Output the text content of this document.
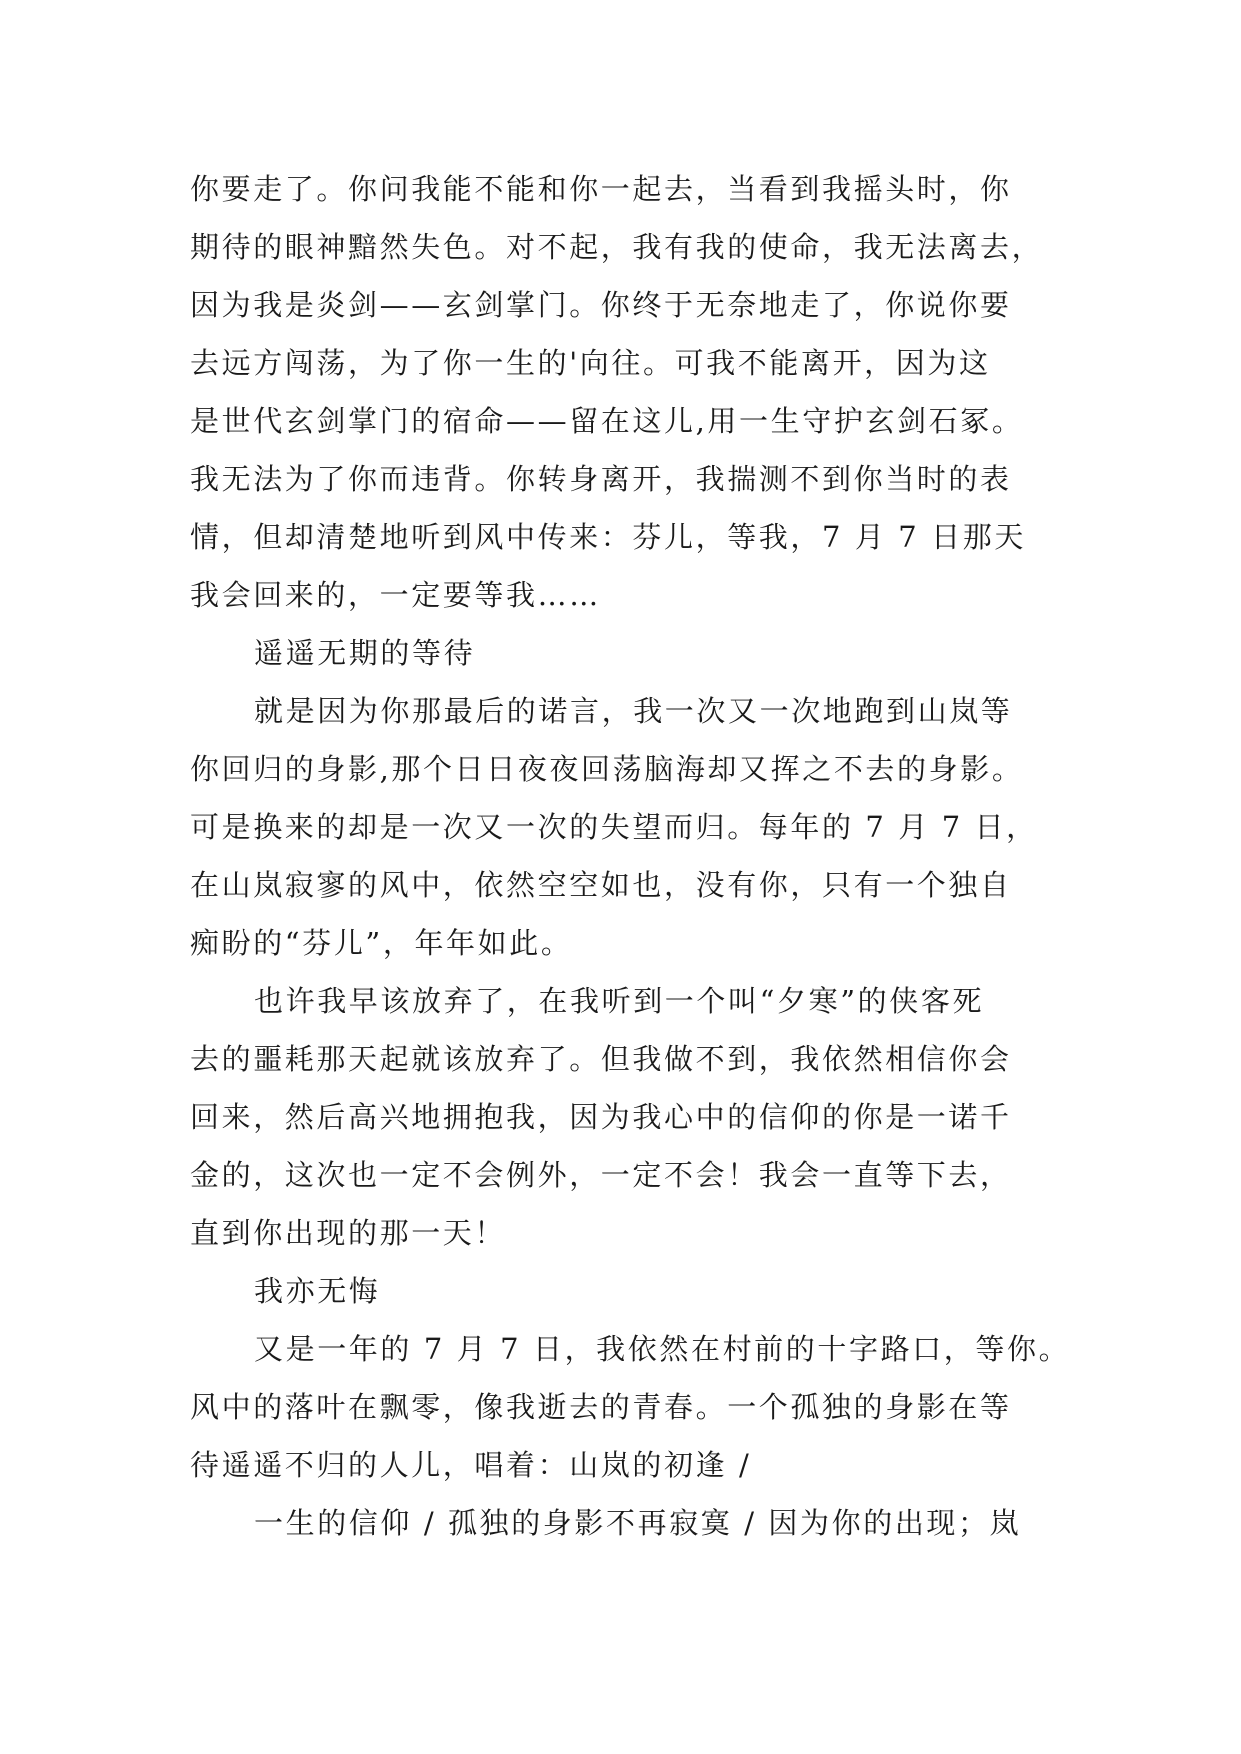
你要走了。你问我能不能和你一起去，当看到我摇头时，你
期待的眼神黯然失色。对不起，我有我的使命，我无法离去，
因为我是炎剑——玄剑掌门。你终于无奈地走了，你说你要
去远方闯荡，为了你一生的'向往。可我不能离开，因为这
是世代玄剑掌门的宿命——留在这儿,用一生守护玄剑石冢。
我无法为了你而违背。你转身离开，我揣测不到你当时的表
情，但却清楚地听到风中传来：芬儿，等我，7 月 7 日那天
我会回来的，一定要等我……
遥遥无期的等待
就是因为你那最后的诺言，我一次又一次地跑到山岚等
你回归的身影,那个日日夜夜回荡脑海却又挥之不去的身影。
可是换来的却是一次又一次的失望而归。每年的 7 月 7 日，
在山岚寂寥的风中，依然空空如也，没有你，只有一个独自
痴盼的“芬儿”，年年如此。
也许我早该放弃了，在我听到一个叫“夕寒”的侠客死
去的噩耗那天起就该放弃了。但我做不到，我依然相信你会
回来，然后高兴地拥抱我，因为我心中的信仰的你是一诺千
金的，这次也一定不会例外，一定不会！我会一直等下去，
直到你出现的那一天！
我亦无悔
又是一年的 7 月 7 日，我依然在村前的十字路口，等你。
风中的落叶在飘零，像我逝去的青春。一个孤独的身影在等
待遥遥不归的人儿，唱着：山岚的初逢 /
一生的信仰 / 孤独的身影不再寂寞 / 因为你的出现；岚
